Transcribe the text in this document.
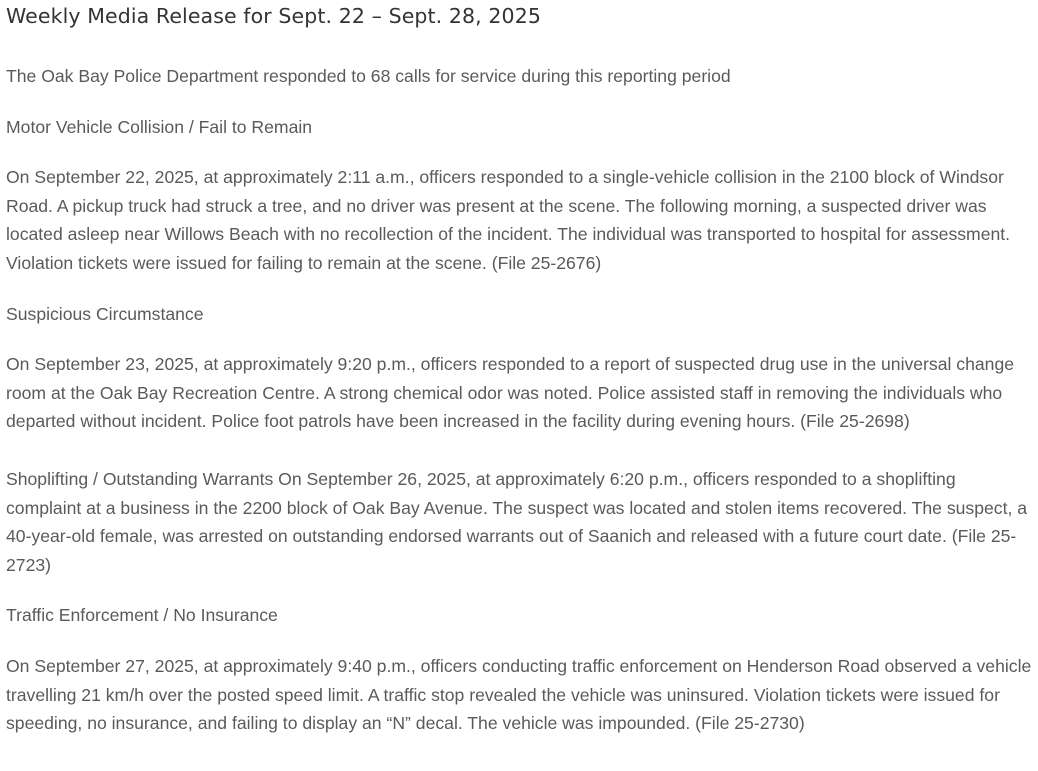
Weekly Media Release for Sept. 22 – Sept. 28, 2025

The Oak Bay Police Department responded to 68 calls for service during this reporting period

Motor Vehicle Collision / Fail to Remain

On September 22, 2025, at approximately 2:11 a.m., officers responded to a single-vehicle collision in the 2100 block of Windsor Road. A pickup truck had struck a tree, and no driver was present at the scene. The following morning, a suspected driver was located asleep near Willows Beach with no recollection of the incident. The individual was transported to hospital for assessment. Violation tickets were issued for failing to remain at the scene. (File 25-2676)

Suspicious Circumstance

On September 23, 2025, at approximately 9:20 p.m., officers responded to a report of suspected drug use in the universal change room at the Oak Bay Recreation Centre. A strong chemical odor was noted. Police assisted staff in removing the individuals who departed without incident. Police foot patrols have been increased in the facility during evening hours. (File 25-2698)

Shoplifting / Outstanding Warrants On September 26, 2025, at approximately 6:20 p.m., officers responded to a shoplifting complaint at a business in the 2200 block of Oak Bay Avenue. The suspect was located and stolen items recovered. The suspect, a 40-year-old female, was arrested on outstanding endorsed warrants out of Saanich and released with a future court date. (File 25-2723)

Traffic Enforcement / No Insurance

On September 27, 2025, at approximately 9:40 p.m., officers conducting traffic enforcement on Henderson Road observed a vehicle travelling 21 km/h over the posted speed limit. A traffic stop revealed the vehicle was uninsured. Violation tickets were issued for speeding, no insurance, and failing to display an “N” decal. The vehicle was impounded. (File 25-2730)
